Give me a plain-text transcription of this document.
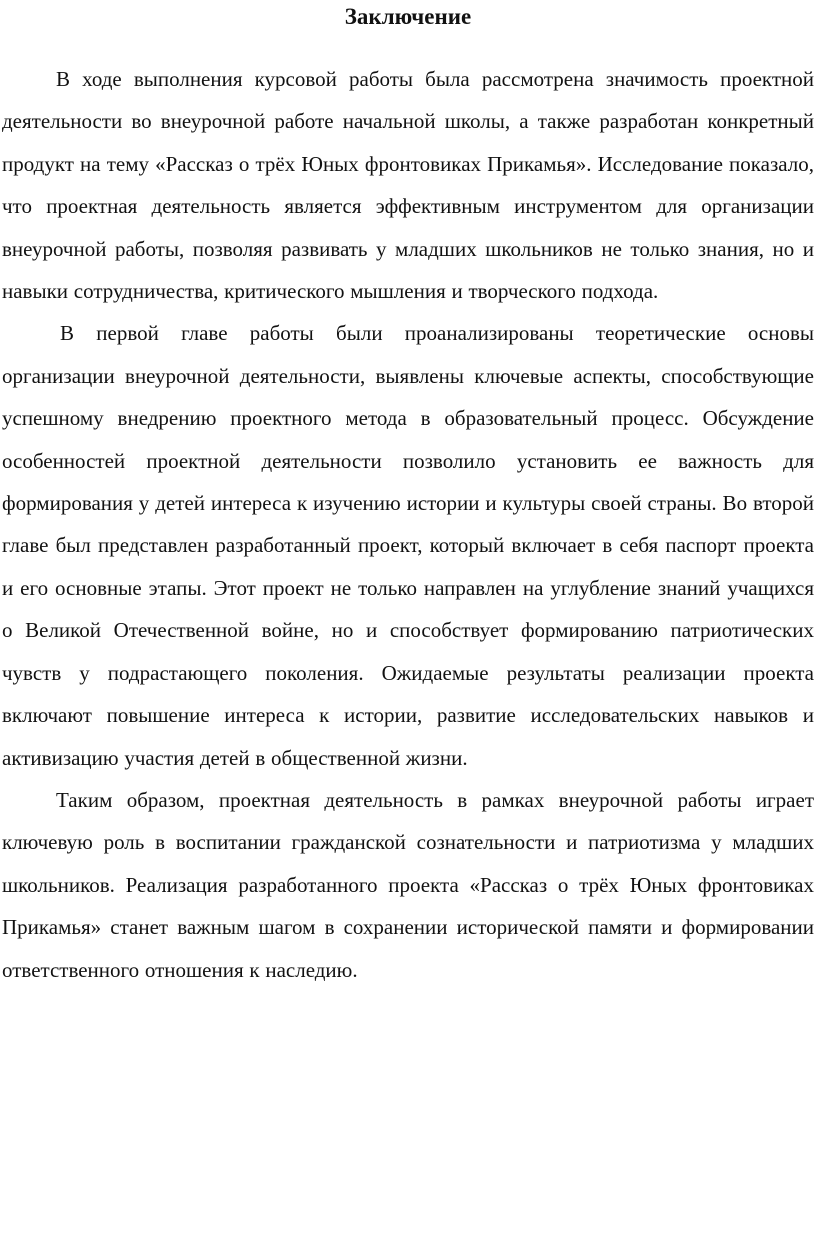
Заключение

В ходе выполнения курсовой работы была рассмотрена значимость проектной деятельности во внеурочной работе начальной школы, а также разработан конкретный продукт на тему «Рассказ о трёх Юных фронтовиках Прикамья». Исследование показало, что проектная деятельность является эффективным инструментом для организации внеурочной работы, позволяя развивать у младших школьников не только знания, но и навыки сотрудничества, критического мышления и творческого подхода.

В первой главе работы были проанализированы теоретические основы организации внеурочной деятельности, выявлены ключевые аспекты, способствующие успешному внедрению проектного метода в образовательный процесс. Обсуждение особенностей проектной деятельности позволило установить ее важность для формирования у детей интереса к изучению истории и культуры своей страны. Во второй главе был представлен разработанный проект, который включает в себя паспорт проекта и его основные этапы. Этот проект не только направлен на углубление знаний учащихся о Великой Отечественной войне, но и способствует формированию патриотических чувств у подрастающего поколения. Ожидаемые результаты реализации проекта включают повышение интереса к истории, развитие исследовательских навыков и активизацию участия детей в общественной жизни.

Таким образом, проектная деятельность в рамках внеурочной работы играет ключевую роль в воспитании гражданской сознательности и патриотизма у младших школьников. Реализация разработанного проекта «Рассказ о трёх Юных фронтовиках Прикамья» станет важным шагом в сохранении исторической памяти и формировании ответственного отношения к наследию.
